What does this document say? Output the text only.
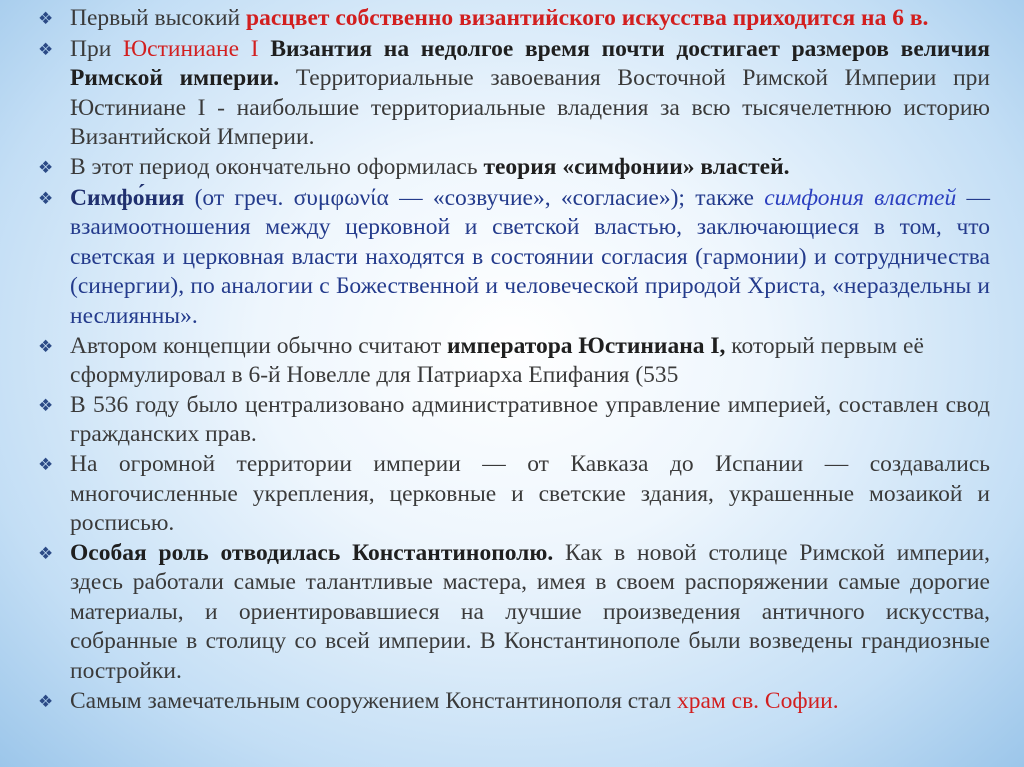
❖ Первый высокий расцвет собственно византийского искусства приходится на 6 в.
❖ При Юстиниане I Византия на недолгое время почти достигает размеров величия Римской империи. Территориальные завоевания Восточной Римской Империи при Юстиниане I - наибольшие территориальные владения за всю тысячелетнюю историю Византийской Империи.
❖ В этот период окончательно оформилась теория «симфонии» властей.
❖ Симфо́ния (от греч. συμφωνία — «созвучие», «согласие»); также симфония властей — взаимоотношения между церковной и светской властью, заключающиеся в том, что светская и церковная власти находятся в состоянии согласия (гармонии) и сотрудничества (синергии), по аналогии с Божественной и человеческой природой Христа, «нераздельны и неслиянны».
❖ Автором концепции обычно считают императора Юстиниана I, который первым её сформулировал в 6-й Новелле для Патриарха Епифания (535
❖ В 536 году было централизовано административное управление империей, составлен свод гражданских прав.
❖ На огромной территории империи — от Кавказа до Испании — создавались многочисленные укрепления, церковные и светские здания, украшенные мозаикой и росписью.
❖ Особая роль отводилась Константинополю. Как в новой столице Римской империи, здесь работали самые талантливые мастера, имея в своем распоряжении самые дорогие материалы, и ориентировавшиеся на лучшие произведения античного искусства, собранные в столицу со всей империи. В Константинополе были возведены грандиозные постройки.
❖ Самым замечательным сооружением Константинополя стал храм св. Софии.
